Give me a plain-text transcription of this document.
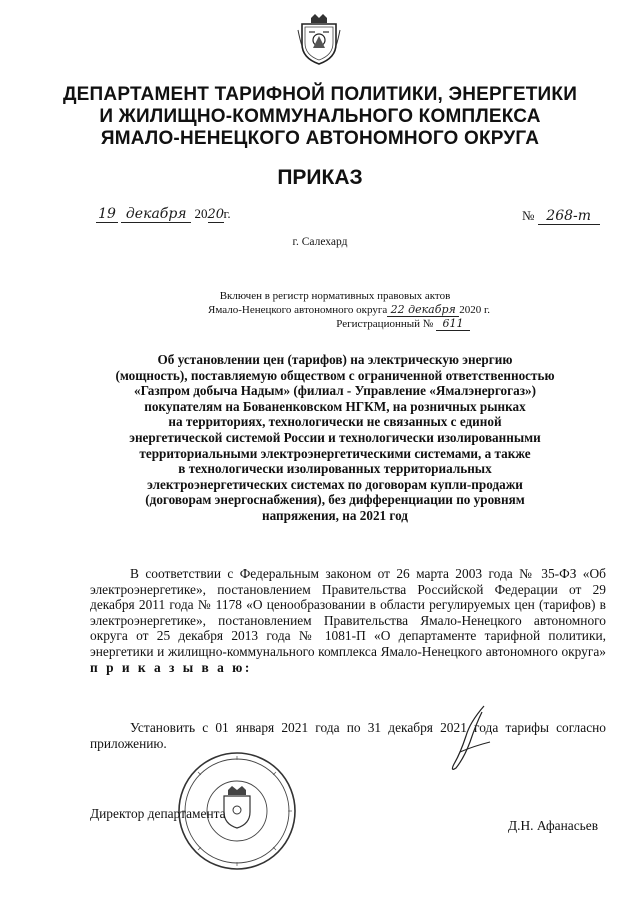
ДЕПАРТАМЕНТ ТАРИФНОЙ ПОЛИТИКИ, ЭНЕРГЕТИКИ
И ЖИЛИЩНО-КОММУНАЛЬНОГО КОМПЛЕКСА
ЯМАЛО-НЕНЕЦКОГО АВТОНОМНОГО ОКРУГА
ПРИКАЗ
19 декабря 2020г.	№ 268-т
г. Салехард
Включен в регистр нормативных правовых актов
Ямало-Ненецкого автономного округа 22 декабря 2020 г.
Регистрационный № 611
Об установлении цен (тарифов) на электрическую энергию
(мощность), поставляемую обществом с ограниченной ответственностью
«Газпром добыча Надым» (филиал - Управление «Ямалэнергогаз»)
покупателям на Бованенковском НГКМ, на розничных рынках
на территориях, технологически не связанных с единой
энергетической системой России и технологически изолированными
территориальными электроэнергетическими системами, а также
в технологически изолированных территориальных
электроэнергетических системах по договорам купли-продажи
(договорам энергоснабжения), без дифференциации по уровням
напряжения, на 2021 год

В соответствии с Федеральным законом от 26 марта 2003 года № 35-ФЗ «Об электроэнергетике», постановлением Правительства Российской Федерации от 29 декабря 2011 года № 1178 «О ценообразовании в области регулируемых цен (тарифов) в электроэнергетике», постановлением Правительства Ямало-Ненецкого автономного округа от 25 декабря 2013 года № 1081-П «О департаменте тарифной политики, энергетики и жилищно-коммунального комплекса Ямало-Ненецкого автономного округа» п р и к а з ы в а ю:

Установить с 01 января 2021 года по 31 декабря 2021 года тарифы согласно приложению.

Директор департамента
Д.Н. Афанасьев
